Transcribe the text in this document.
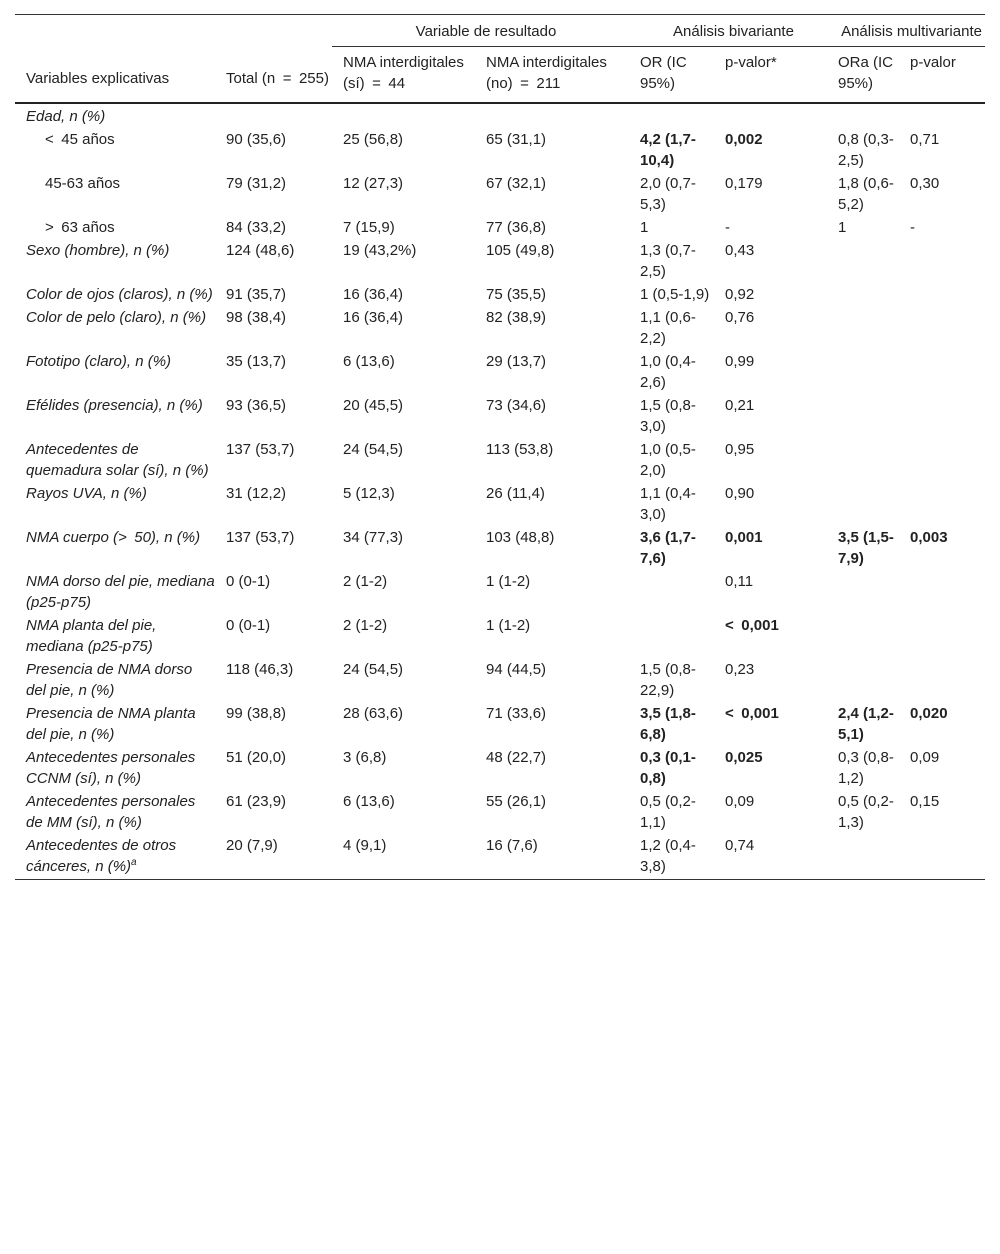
Variables explicativas	Total (n = 255)	Variable de resultado		Análisis bivariante		Análisis multivariante	
		NMA interdigitales (sí) = 44	NMA interdigitales (no) = 211	OR (IC 95%)	p-valor*	ORa (IC 95%)	p-valor
Edad, n (%)							
< 45 años	90 (35,6)	25 (56,8)	65 (31,1)	4,2 (1,7-10,4)	0,002	0,8 (0,3-2,5)	0,71
45-63 años	79 (31,2)	12 (27,3)	67 (32,1)	2,0 (0,7-5,3)	0,179	1,8 (0,6-5,2)	0,30
> 63 años	84 (33,2)	7 (15,9)	77 (36,8)	1	-	1	-
Sexo (hombre), n (%)	124 (48,6)	19 (43,2%)	105 (49,8)	1,3 (0,7-2,5)	0,43		
Color de ojos (claros), n (%)	91 (35,7)	16 (36,4)	75 (35,5)	1 (0,5-1,9)	0,92		
Color de pelo (claro), n (%)	98 (38,4)	16 (36,4)	82 (38,9)	1,1 (0,6-2,2)	0,76		
Fototipo (claro), n (%)	35 (13,7)	6 (13,6)	29 (13,7)	1,0 (0,4-2,6)	0,99		
Efélides (presencia), n (%)	93 (36,5)	20 (45,5)	73 (34,6)	1,5 (0,8-3,0)	0,21		
Antecedentes de quemadura solar (sí), n (%)	137 (53,7)	24 (54,5)	113 (53,8)	1,0 (0,5-2,0)	0,95		
Rayos UVA, n (%)	31 (12,2)	5 (12,3)	26 (11,4)	1,1 (0,4-3,0)	0,90		
NMA cuerpo (> 50), n (%)	137 (53,7)	34 (77,3)	103 (48,8)	3,6 (1,7-7,6)	0,001	3,5 (1,5-7,9)	0,003
NMA dorso del pie, mediana (p25-p75)	0 (0-1)	2 (1-2)	1 (1-2)		0,11		
NMA planta del pie, mediana (p25-p75)	0 (0-1)	2 (1-2)	1 (1-2)		< 0,001		
Presencia de NMA dorso del pie, n (%)	118 (46,3)	24 (54,5)	94 (44,5)	1,5 (0,8-22,9)	0,23		
Presencia de NMA planta del pie, n (%)	99 (38,8)	28 (63,6)	71 (33,6)	3,5 (1,8-6,8)	< 0,001	2,4 (1,2-5,1)	0,020
Antecedentes personales CCNM (sí), n (%)	51 (20,0)	3 (6,8)	48 (22,7)	0,3 (0,1-0,8)	0,025	0,3 (0,8-1,2)	0,09
Antecedentes personales de MM (sí), n (%)	61 (23,9)	6 (13,6)	55 (26,1)	0,5 (0,2-1,1)	0,09	0,5 (0,2-1,3)	0,15
Antecedentes de otros cánceres, n (%)$^a$	20 (7,9)	4 (9,1)	16 (7,6)	1,2 (0,4-3,8)	0,74		
